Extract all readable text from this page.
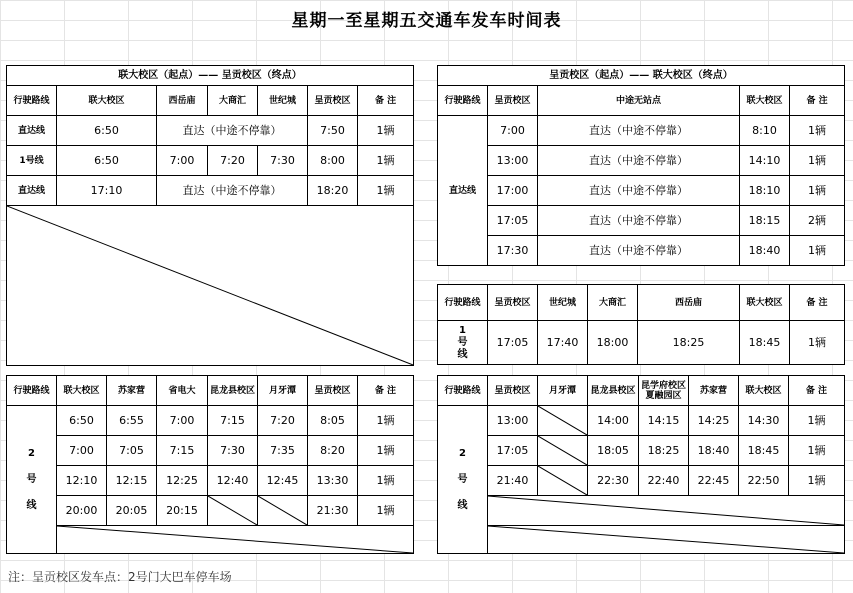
星期一至星期五交通车发车时间表
联大校区（起点）—— 呈贡校区（终点）						
行驶路线	联大校区	西岳庙	大商汇	世纪城	呈贡校区	备 注
直达线	6:50	直达（中途不停靠）			7:50	1辆
1号线	6:50	7:00	7:20	7:30	8:00	1辆
直达线	17:10	直达（中途不停靠）			18:20	1辆

行驶路线	联大校区	苏家营	省电大	昆龙县校区	月牙潭	呈贡校区	备 注
2号线	6:50	6:55	7:00	7:15	7:20	8:05	1辆
	7:00	7:05	7:15	7:30	7:35	8:20	1辆
	12:10	12:15	12:25	12:40	12:45	13:30	1辆
	20:00	20:05	20:15			21:30	1辆

呈贡校区（起点）—— 联大校区（终点）				
行驶路线	呈贡校区	中途无站点	联大校区	备 注
直达线	7:00	直达（中途不停靠）	8:10	1辆
	13:00	直达（中途不停靠）	14:10	1辆
	17:00	直达（中途不停靠）	18:10	1辆
	17:05	直达（中途不停靠）	18:15	2辆
	17:30	直达（中途不停靠）	18:40	1辆
行驶路线	呈贡校区	世纪城	大商汇	西岳庙	联大校区	备 注
1号线	17:05	17:40	18:00	18:25	18:45	1辆
行驶路线	呈贡校区	月牙潭	昆龙县校区	昆学府校区夏融园区	苏家营	联大校区	备 注
2号线	13:00		14:00	14:15	14:25	14:30	1辆
	17:05		18:05	18:25	18:40	18:45	1辆
	21:40		22:30	22:40	22:45	22:50	1辆

注：呈贡校区发车点：2号门大巴车停车场
